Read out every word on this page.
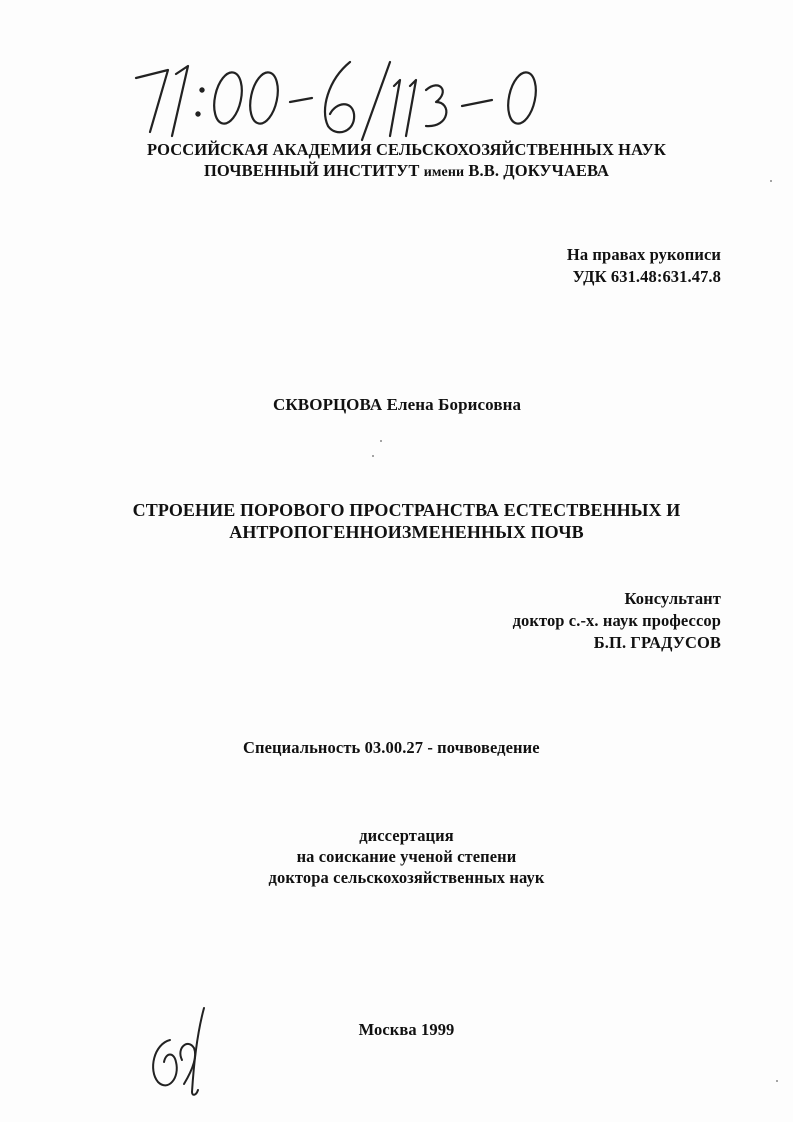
71:00-6/113-0
РОССИЙСКАЯ АКАДЕМИЯ СЕЛЬСКОХОЗЯЙСТВЕННЫХ НАУК
ПОЧВЕННЫЙ ИНСТИТУТ имени В.В. ДОКУЧАЕВА
На правах рукописи
УДК 631.48:631.47.8
СКВОРЦОВА Елена Борисовна
СТРОЕНИЕ ПОРОВОГО ПРОСТРАНСТВА ЕСТЕСТВЕННЫХ И
АНТРОПОГЕННОИЗМЕНЕННЫХ ПОЧВ
Консультант
доктор с.-х. наук профессор
Б.П. ГРАДУСОВ
Специальность 03.00.27 - почвоведение
диссертация
на соискание ученой степени
доктора сельскохозяйственных наук
Москва 1999
